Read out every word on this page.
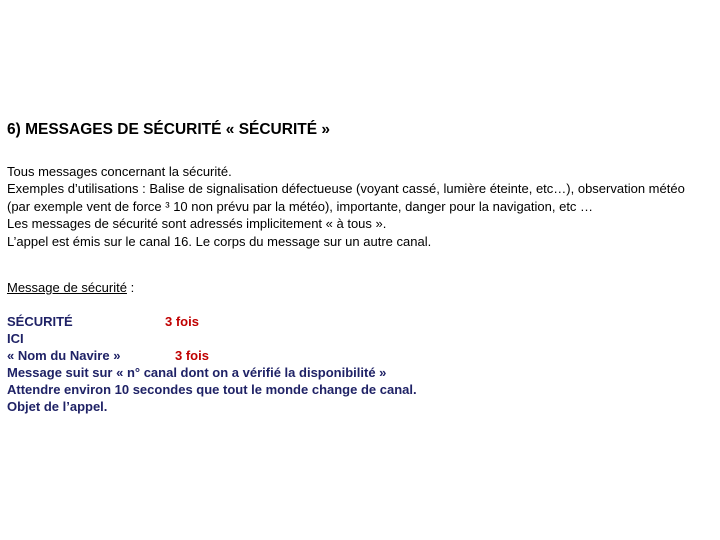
6) MESSAGES DE SÉCURITÉ « SÉCURITÉ »

Tous messages concernant la sécurité.

Exemples d’utilisations : Balise de signalisation défectueuse (voyant cassé, lumière éteinte, etc…), observation météo (par exemple vent de force ³ 10 non prévu par la météo), importante, danger pour la navigation, etc …

Les messages de sécurité sont adressés implicitement « à tous ».

L’appel est émis sur le canal 16. Le corps du message sur un autre canal.

Message de sécurité :
SÉCURITÉ	3 fois
ICI
« Nom du Navire »	3 fois
Message suit sur « n° canal dont on a vérifié la disponibilité »
Attendre environ 10 secondes que tout le monde change de canal.
Objet de l’appel.
